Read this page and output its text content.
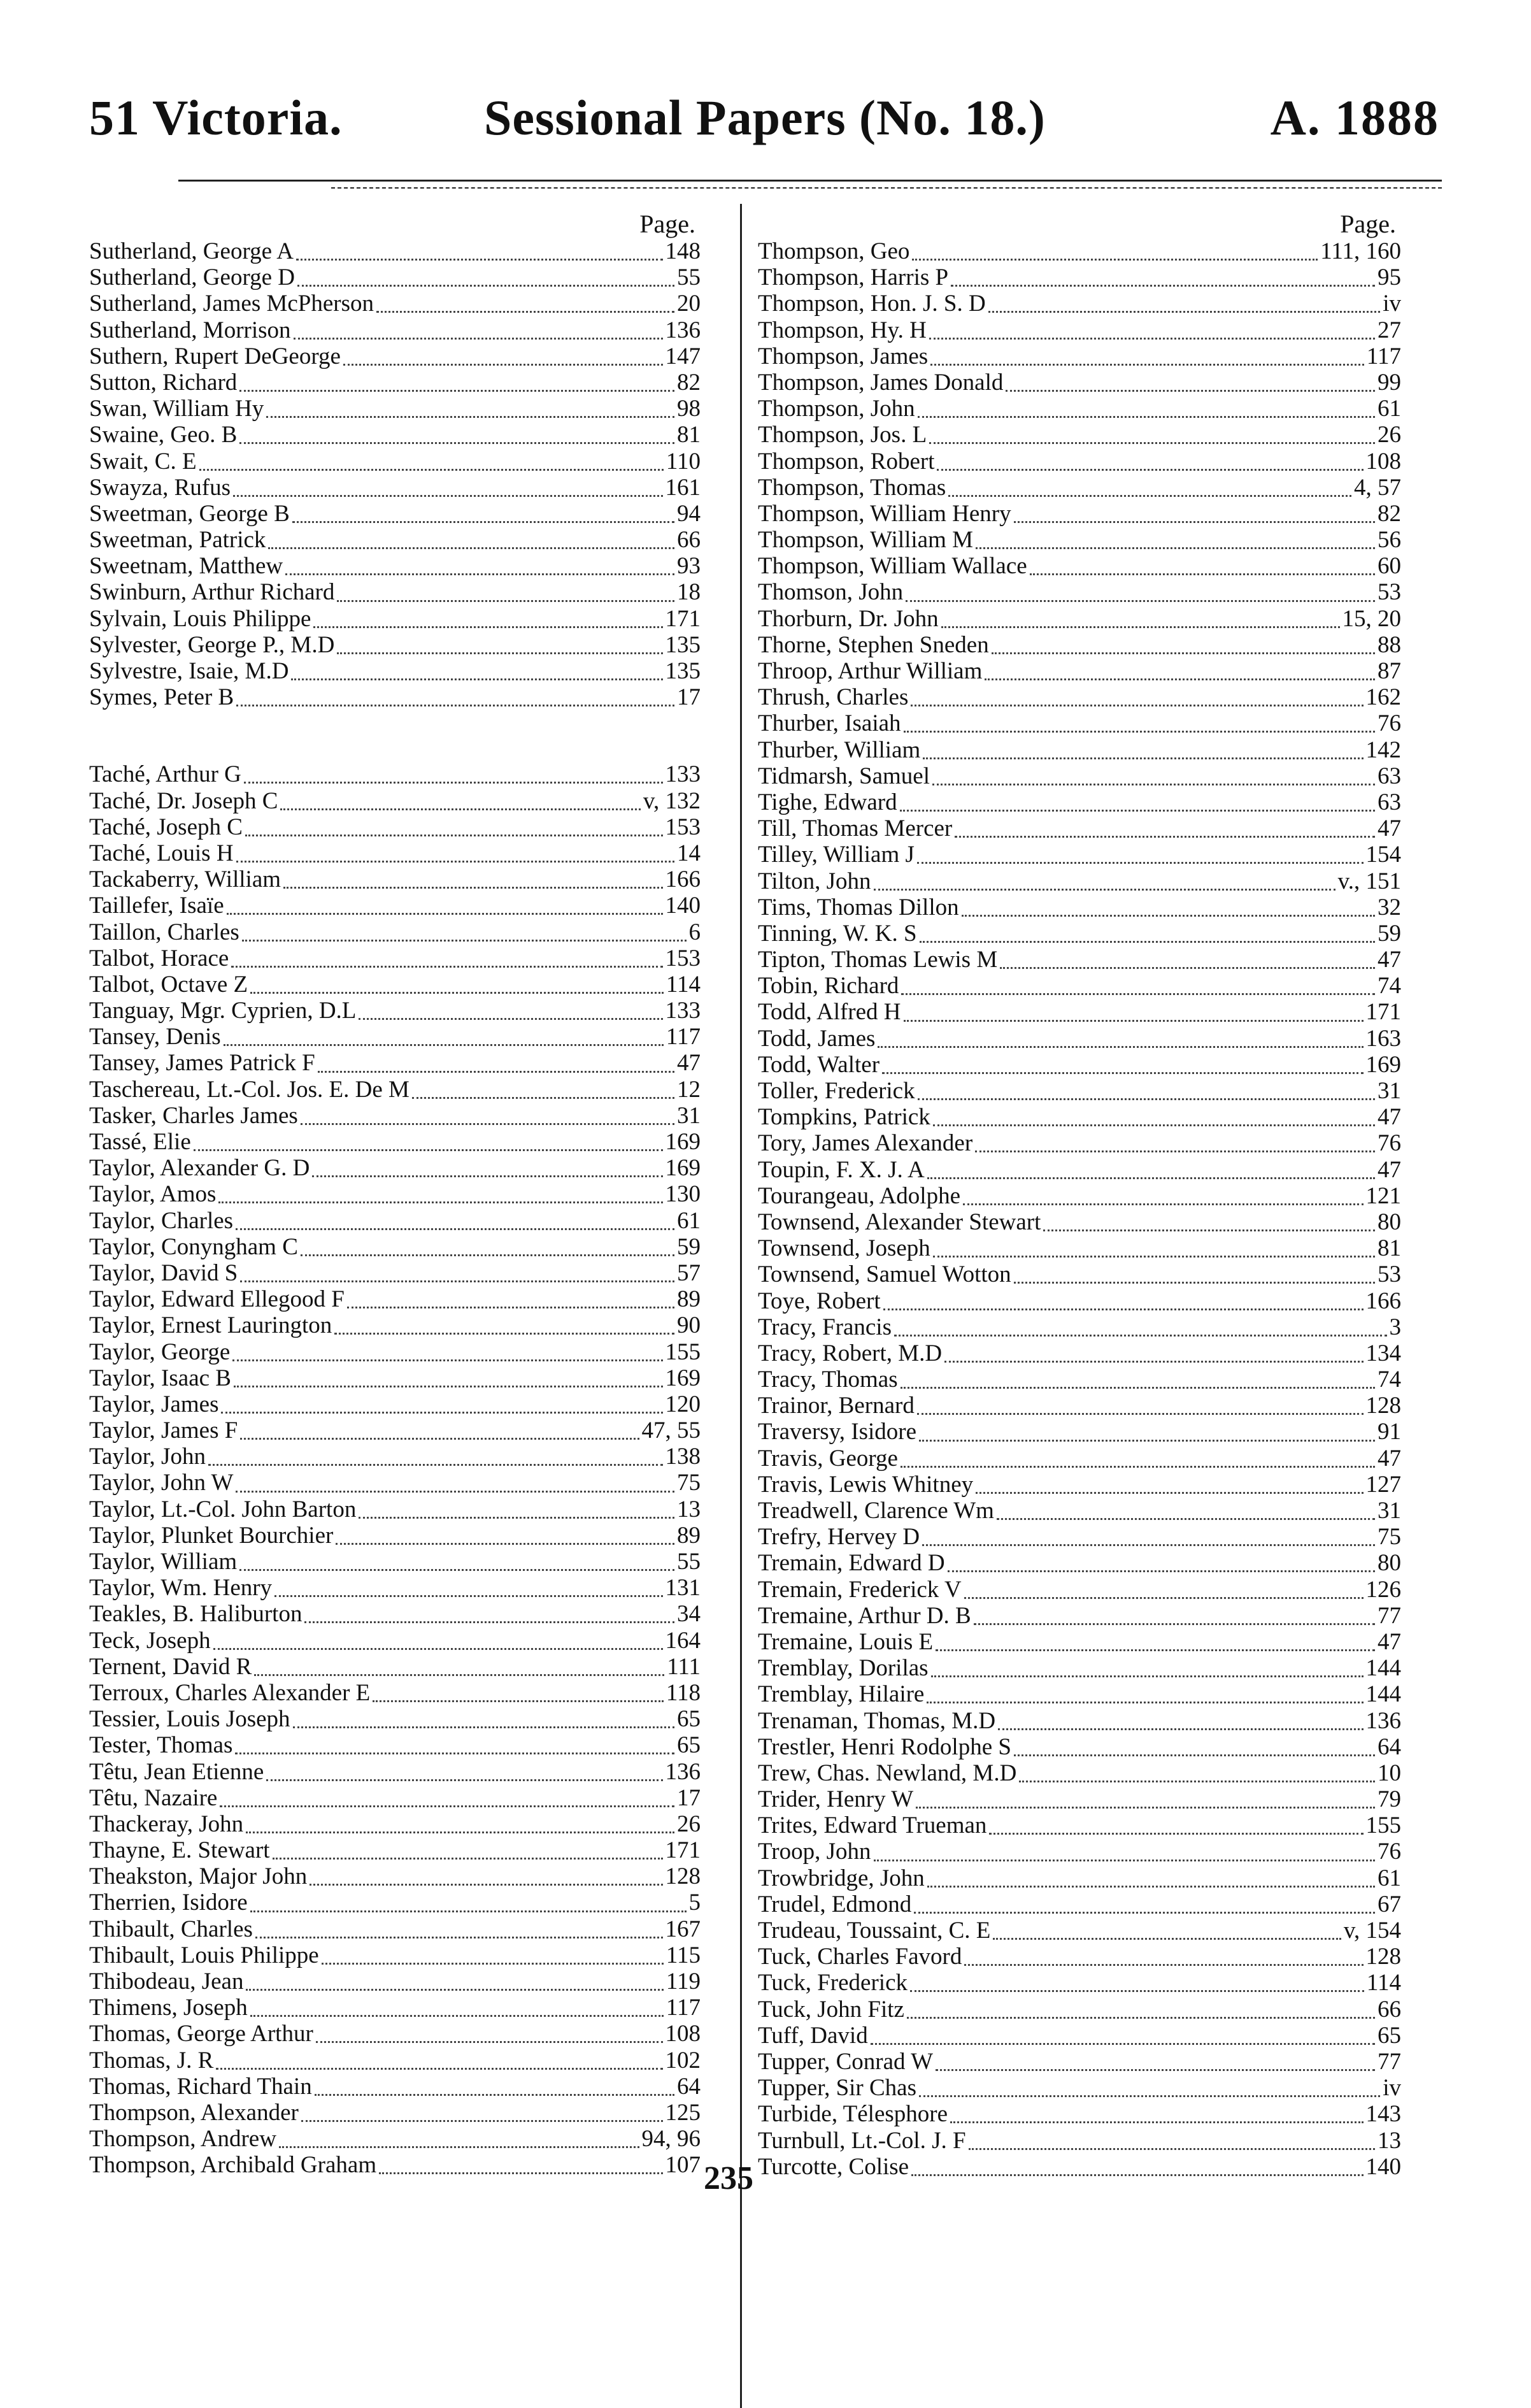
51 Victoria.	Sessional Papers (No. 18.)	A. 1888
Page.
Sutherland, George A	148
Sutherland, George D	55
Sutherland, James McPherson	20
Sutherland, Morrison	136
Suthern, Rupert DeGeorge	147
Sutton, Richard	82
Swan, William Hy	98
Swaine, Geo. B	81
Swait, C. E	110
Swayza, Rufus	161
Sweetman, George B	94
Sweetman, Patrick	66
Sweetnam, Matthew	93
Swinburn, Arthur Richard	18
Sylvain, Louis Philippe	171
Sylvester, George P., M.D	135
Sylvestre, Isaie, M.D	135
Symes, Peter B	17
Taché, Arthur G	133
Taché, Dr. Joseph C	v, 132
Taché, Joseph C	153
Taché, Louis H	14
Tackaberry, William	166
Taillefer, Isaïe	140
Taillon, Charles	6
Talbot, Horace	153
Talbot, Octave Z	114
Tanguay, Mgr. Cyprien, D.L	133
Tansey, Denis	117
Tansey, James Patrick F	47
Taschereau, Lt.-Col. Jos. E. De M	12
Tasker, Charles James	31
Tassé, Elie	169
Taylor, Alexander G. D	169
Taylor, Amos	130
Taylor, Charles	61
Taylor, Conyngham C	59
Taylor, David S	57
Taylor, Edward Ellegood F	89
Taylor, Ernest Laurington	90
Taylor, George	155
Taylor, Isaac B	169
Taylor, James	120
Taylor, James F	47, 55
Taylor, John	138
Taylor, John W	75
Taylor, Lt.-Col. John Barton	13
Taylor, Plunket Bourchier	89
Taylor, William	55
Taylor, Wm. Henry	131
Teakles, B. Haliburton	34
Teck, Joseph	164
Ternent, David R	111
Terroux, Charles Alexander E	118
Tessier, Louis Joseph	65
Tester, Thomas	65
Têtu, Jean Etienne	136
Têtu, Nazaire	17
Thackeray, John	26
Thayne, E. Stewart	171
Theakston, Major John	128
Therrien, Isidore	5
Thibault, Charles	167
Thibault, Louis Philippe	115
Thibodeau, Jean	119
Thimens, Joseph	117
Thomas, George Arthur	108
Thomas, J. R	102
Thomas, Richard Thain	64
Thompson, Alexander	125
Thompson, Andrew	94, 96
Thompson, Archibald Graham	107
Page.
Thompson, Geo	111, 160
Thompson, Harris P	95
Thompson, Hon. J. S. D	iv
Thompson, Hy. H	27
Thompson, James	117
Thompson, James Donald	99
Thompson, John	61
Thompson, Jos. L	26
Thompson, Robert	108
Thompson, Thomas	4, 57
Thompson, William Henry	82
Thompson, William M	56
Thompson, William Wallace	60
Thomson, John	53
Thorburn, Dr. John	15, 20
Thorne, Stephen Sneden	88
Throop, Arthur William	87
Thrush, Charles	162
Thurber, Isaiah	76
Thurber, William	142
Tidmarsh, Samuel	63
Tighe, Edward	63
Till, Thomas Mercer	47
Tilley, William J	154
Tilton, John	v., 151
Tims, Thomas Dillon	32
Tinning, W. K. S	59
Tipton, Thomas Lewis M	47
Tobin, Richard	74
Todd, Alfred H	171
Todd, James	163
Todd, Walter	169
Toller, Frederick	31
Tompkins, Patrick	47
Tory, James Alexander	76
Toupin, F. X. J. A	47
Tourangeau, Adolphe	121
Townsend, Alexander Stewart	80
Townsend, Joseph	81
Townsend, Samuel Wotton	53
Toye, Robert	166
Tracy, Francis	3
Tracy, Robert, M.D	134
Tracy, Thomas	74
Trainor, Bernard	128
Traversy, Isidore	91
Travis, George	47
Travis, Lewis Whitney	127
Treadwell, Clarence Wm	31
Trefry, Hervey D	75
Tremain, Edward D	80
Tremain, Frederick V	126
Tremaine, Arthur D. B	77
Tremaine, Louis E	47
Tremblay, Dorilas	144
Tremblay, Hilaire	144
Trenaman, Thomas, M.D	136
Trestler, Henri Rodolphe S	64
Trew, Chas. Newland, M.D	10
Trider, Henry W	79
Trites, Edward Trueman	155
Troop, John	76
Trowbridge, John	61
Trudel, Edmond	67
Trudeau, Toussaint, C. E	v, 154
Tuck, Charles Favord	128
Tuck, Frederick	114
Tuck, John Fitz	66
Tuff, David	65
Tupper, Conrad W	77
Tupper, Sir Chas	iv
Turbide, Télesphore	143
Turnbull, Lt.-Col. J. F	13
Turcotte, Colise	140
235
